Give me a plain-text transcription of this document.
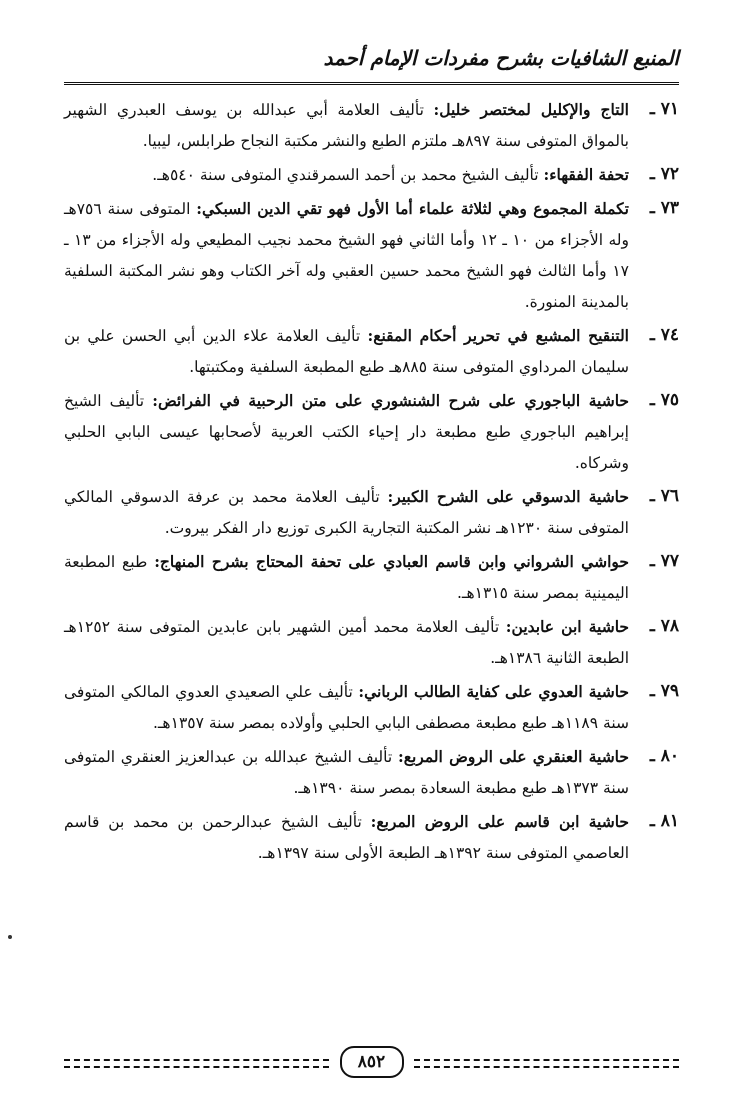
المنبع الشافيات بشرح مفردات الإمام أحمد
٧١ ـ
التاج والإكليل لمختصر خليل: تأليف العلامة أبي عبدالله بن يوسف العبدري الشهير بالمواق المتوفى سنة ٨٩٧هـ ملتزم الطبع والنشر مكتبة النجاح طرابلس، ليبيا.
٧٢ ـ
تحفة الفقهاء: تأليف الشيخ محمد بن أحمد السمرقندي المتوفى سنة ٥٤٠هـ.
٧٣ ـ
تكملة المجموع وهي لثلاثة علماء أما الأول فهو تقي الدين السبكي: المتوفى سنة ٧٥٦هـ وله الأجزاء من ١٠ ـ ١٢ وأما الثاني فهو الشيخ محمد نجيب المطيعي وله الأجزاء من ١٣ ـ ١٧ وأما الثالث فهو الشيخ محمد حسين العقبي وله آخر الكتاب وهو نشر المكتبة السلفية بالمدينة المنورة.
٧٤ ـ
التنقيح المشبع في تحرير أحكام المقنع: تأليف العلامة علاء الدين أبي الحسن علي بن سليمان المرداوي المتوفى سنة ٨٨٥هـ طبع المطبعة السلفية ومكتبتها.
٧٥ ـ
حاشية الباجوري على شرح الشنشوري على متن الرحبية في الفرائض: تأليف الشيخ إبراهيم الباجوري طبع مطبعة دار إحياء الكتب العربية لأصحابها عيسى البابي الحلبي وشركاه.
٧٦ ـ
حاشية الدسوقي على الشرح الكبير: تأليف العلامة محمد بن عرفة الدسوقي المالكي المتوفى سنة ١٢٣٠هـ نشر المكتبة التجارية الكبرى توزيع دار الفكر بيروت.
٧٧ ـ
حواشي الشرواني وابن قاسم العبادي على تحفة المحتاج بشرح المنهاج: طبع المطبعة اليمينية بمصر سنة ١٣١٥هـ.
٧٨ ـ
حاشية ابن عابدين: تأليف العلامة محمد أمين الشهير بابن عابدين المتوفى سنة ١٢٥٢هـ الطبعة الثانية ١٣٨٦هـ.
٧٩ ـ
حاشية العدوي على كفاية الطالب الرباني: تأليف علي الصعيدي العدوي المالكي المتوفى سنة ١١٨٩هـ طبع مطبعة مصطفى البابي الحلبي وأولاده بمصر سنة ١٣٥٧هـ.
٨٠ ـ
حاشية العنقري على الروض المربع: تأليف الشيخ عبدالله بن عبدالعزيز العنقري المتوفى سنة ١٣٧٣هـ طبع مطبعة السعادة بمصر سنة ١٣٩٠هـ.
٨١ ـ
حاشية ابن قاسم على الروض المربع: تأليف الشيخ عبدالرحمن بن محمد بن قاسم العاصمي المتوفى سنة ١٣٩٢هـ الطبعة الأولى سنة ١٣٩٧هـ.
٨٥٢
